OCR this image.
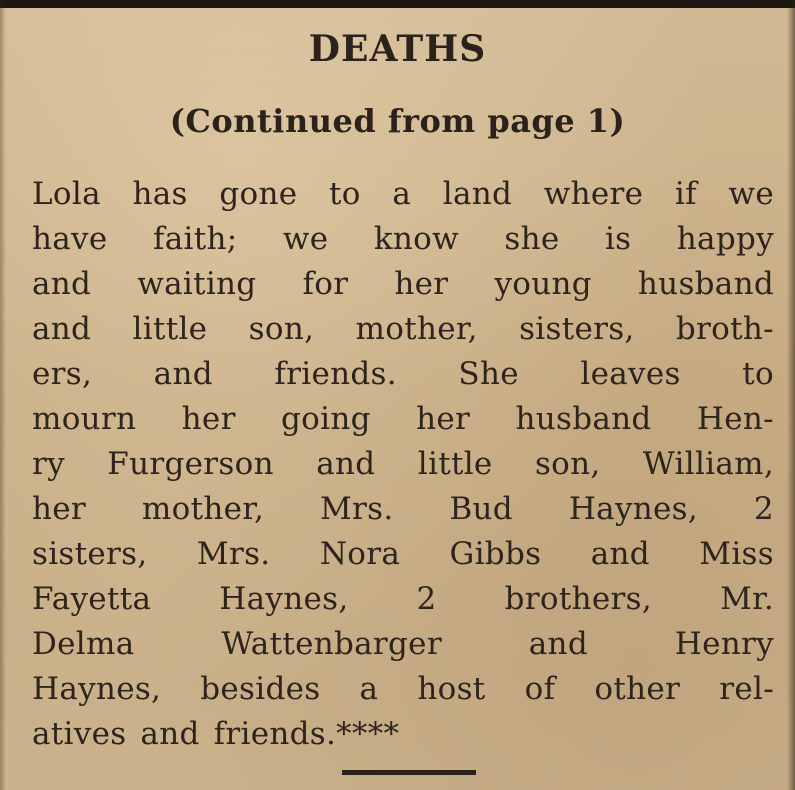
DEATHS
(Continued from page 1)
Lola has gone to a land where if we
have faith; we know she is happy
and waiting for her young husband
and little son, mother, sisters, broth-
ers, and friends. She leaves to
mourn her going her husband Hen-
ry Furgerson and little son, William,
her mother, Mrs. Bud Haynes, 2
sisters, Mrs. Nora Gibbs and Miss
Fayetta Haynes, 2 brothers, Mr.
Delma	Wattenbarger	and	Henry
Haynes, besides a host of other rel-
atives and friends.****
